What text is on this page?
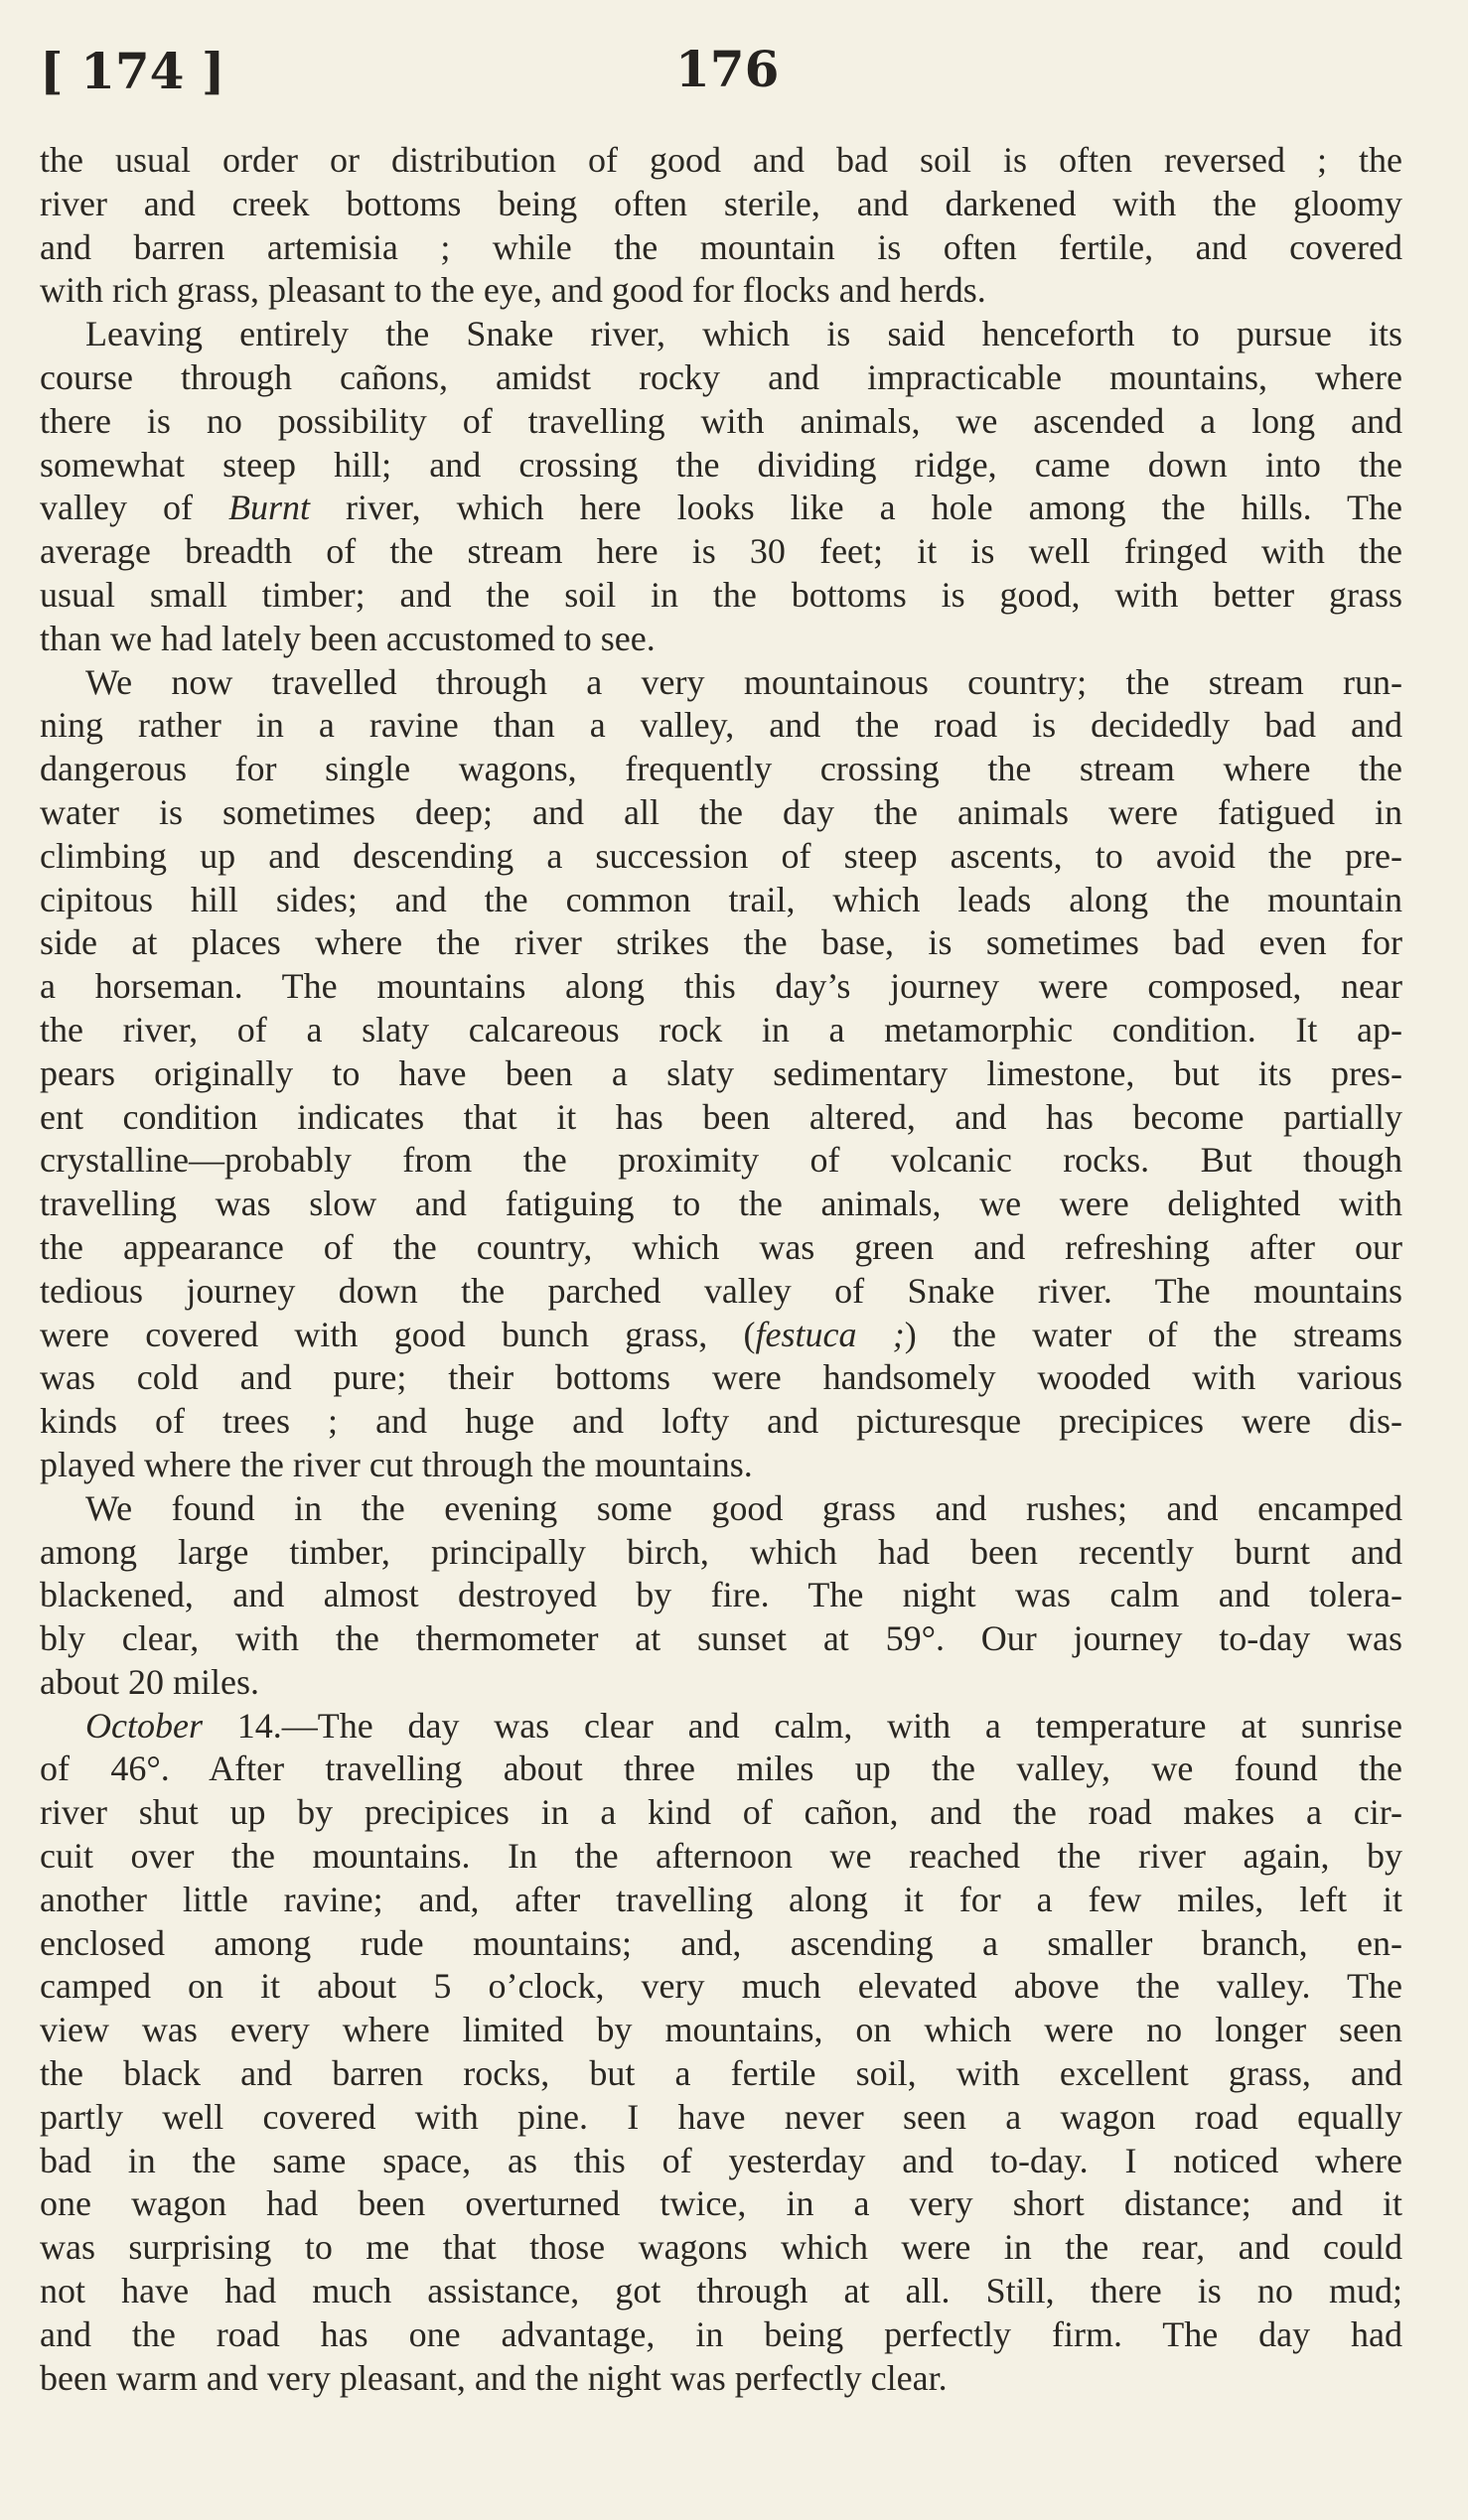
[ 174 ]	176
the usual order or distribution of good and bad soil is often reversed ; the
river and creek bottoms being often sterile, and darkened with the gloomy
and barren artemisia ; while the mountain is often fertile, and covered
with rich grass, pleasant to the eye, and good for flocks and herds.
Leaving entirely the Snake river, which is said henceforth to pursue its
course through cañons, amidst rocky and impracticable mountains, where
there is no possibility of travelling with animals, we ascended a long and
somewhat steep hill; and crossing the dividing ridge, came down into the
valley of Burnt river, which here looks like a hole among the hills. The
average breadth of the stream here is 30 feet; it is well fringed with the
usual small timber; and the soil in the bottoms is good, with better grass
than we had lately been accustomed to see.
We now travelled through a very mountainous country; the stream run-
ning rather in a ravine than a valley, and the road is decidedly bad and
dangerous for single wagons, frequently crossing the stream where the
water is sometimes deep; and all the day the animals were fatigued in
climbing up and descending a succession of steep ascents, to avoid the pre-
cipitous hill sides; and the common trail, which leads along the mountain
side at places where the river strikes the base, is sometimes bad even for
a horseman. The mountains along this day’s journey were composed, near
the river, of a slaty calcareous rock in a metamorphic condition. It ap-
pears originally to have been a slaty sedimentary limestone, but its pres-
ent condition indicates that it has been altered, and has become partially
crystalline—probably from the proximity of volcanic rocks. But though
travelling was slow and fatiguing to the animals, we were delighted with
the appearance of the country, which was green and refreshing after our
tedious journey down the parched valley of Snake river. The mountains
were covered with good bunch grass, (festuca ;) the water of the streams
was cold and pure; their bottoms were handsomely wooded with various
kinds of trees ; and huge and lofty and picturesque precipices were dis-
played where the river cut through the mountains.
We found in the evening some good grass and rushes; and encamped
among large timber, principally birch, which had been recently burnt and
blackened, and almost destroyed by fire. The night was calm and tolera-
bly clear, with the thermometer at sunset at 59°. Our journey to-day was
about 20 miles.
October 14.—The day was clear and calm, with a temperature at sunrise
of 46°. After travelling about three miles up the valley, we found the
river shut up by precipices in a kind of cañon, and the road makes a cir-
cuit over the mountains. In the afternoon we reached the river again, by
another little ravine; and, after travelling along it for a few miles, left it
enclosed among rude mountains; and, ascending a smaller branch, en-
camped on it about 5 o’clock, very much elevated above the valley. The
view was every where limited by mountains, on which were no longer seen
the black and barren rocks, but a fertile soil, with excellent grass, and
partly well covered with pine. I have never seen a wagon road equally
bad in the same space, as this of yesterday and to-day. I noticed where
one wagon had been overturned twice, in a very short distance; and it
was surprising to me that those wagons which were in the rear, and could
not have had much assistance, got through at all. Still, there is no mud;
and the road has one advantage, in being perfectly firm. The day had
been warm and very pleasant, and the night was perfectly clear.
